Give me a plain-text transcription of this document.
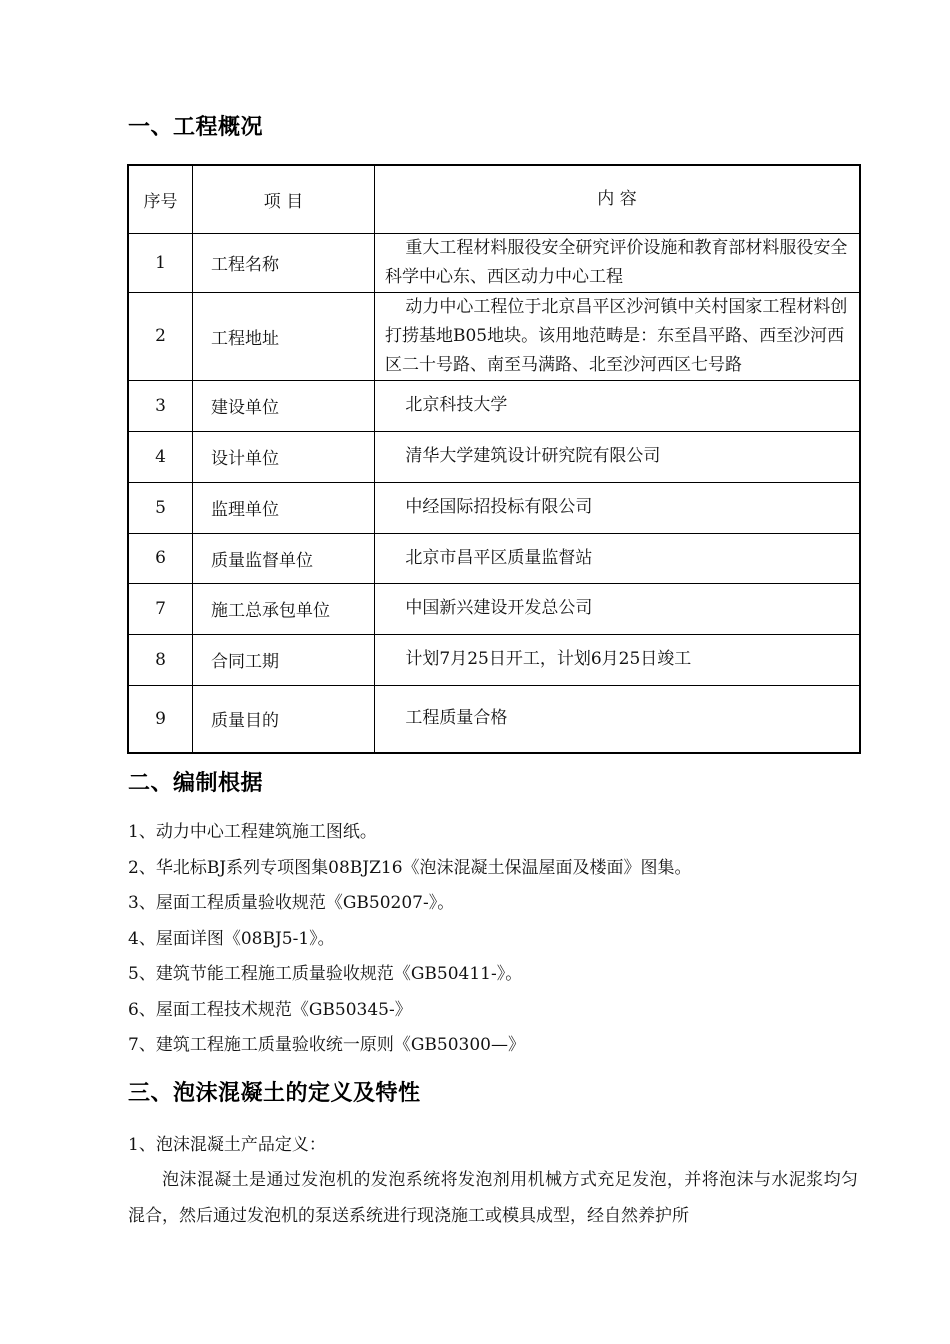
一、工程概况
序号	项 目	内 容
1	工程名称	重大工程材料服役安全研究评价设施和教育部材料服役安全科学中心东、西区动力中心工程
2	工程地址	动力中心工程位于北京昌平区沙河镇中关村国家工程材料创打捞基地B05地块。该用地范畴是：东至昌平路、西至沙河西区二十号路、南至马满路、北至沙河西区七号路
3	建设单位	北京科技大学
4	设计单位	清华大学建筑设计研究院有限公司
5	监理单位	中经国际招投标有限公司
6	质量监督单位	北京市昌平区质量监督站
7	施工总承包单位	中国新兴建设开发总公司
8	合同工期	计划7月25日开工，计划6月25日竣工
9	质量目的	工程质量合格
二、编制根据
1、动力中心工程建筑施工图纸。
2、华北标BJ系列专项图集08BJZ16《泡沫混凝土保温屋面及楼面》图集。
3、屋面工程质量验收规范《GB50207-》。
4、屋面详图《08BJ5-1》。
5、建筑节能工程施工质量验收规范《GB50411-》。
6、屋面工程技术规范《GB50345-》
7、建筑工程施工质量验收统一原则《GB50300—》
三、泡沫混凝土的定义及特性

1、泡沫混凝土产品定义：

泡沫混凝土是通过发泡机的发泡系统将发泡剂用机械方式充足发泡，并将泡沫与水泥浆均匀混合，然后通过发泡机的泵送系统进行现浇施工或模具成型，经自然养护所
